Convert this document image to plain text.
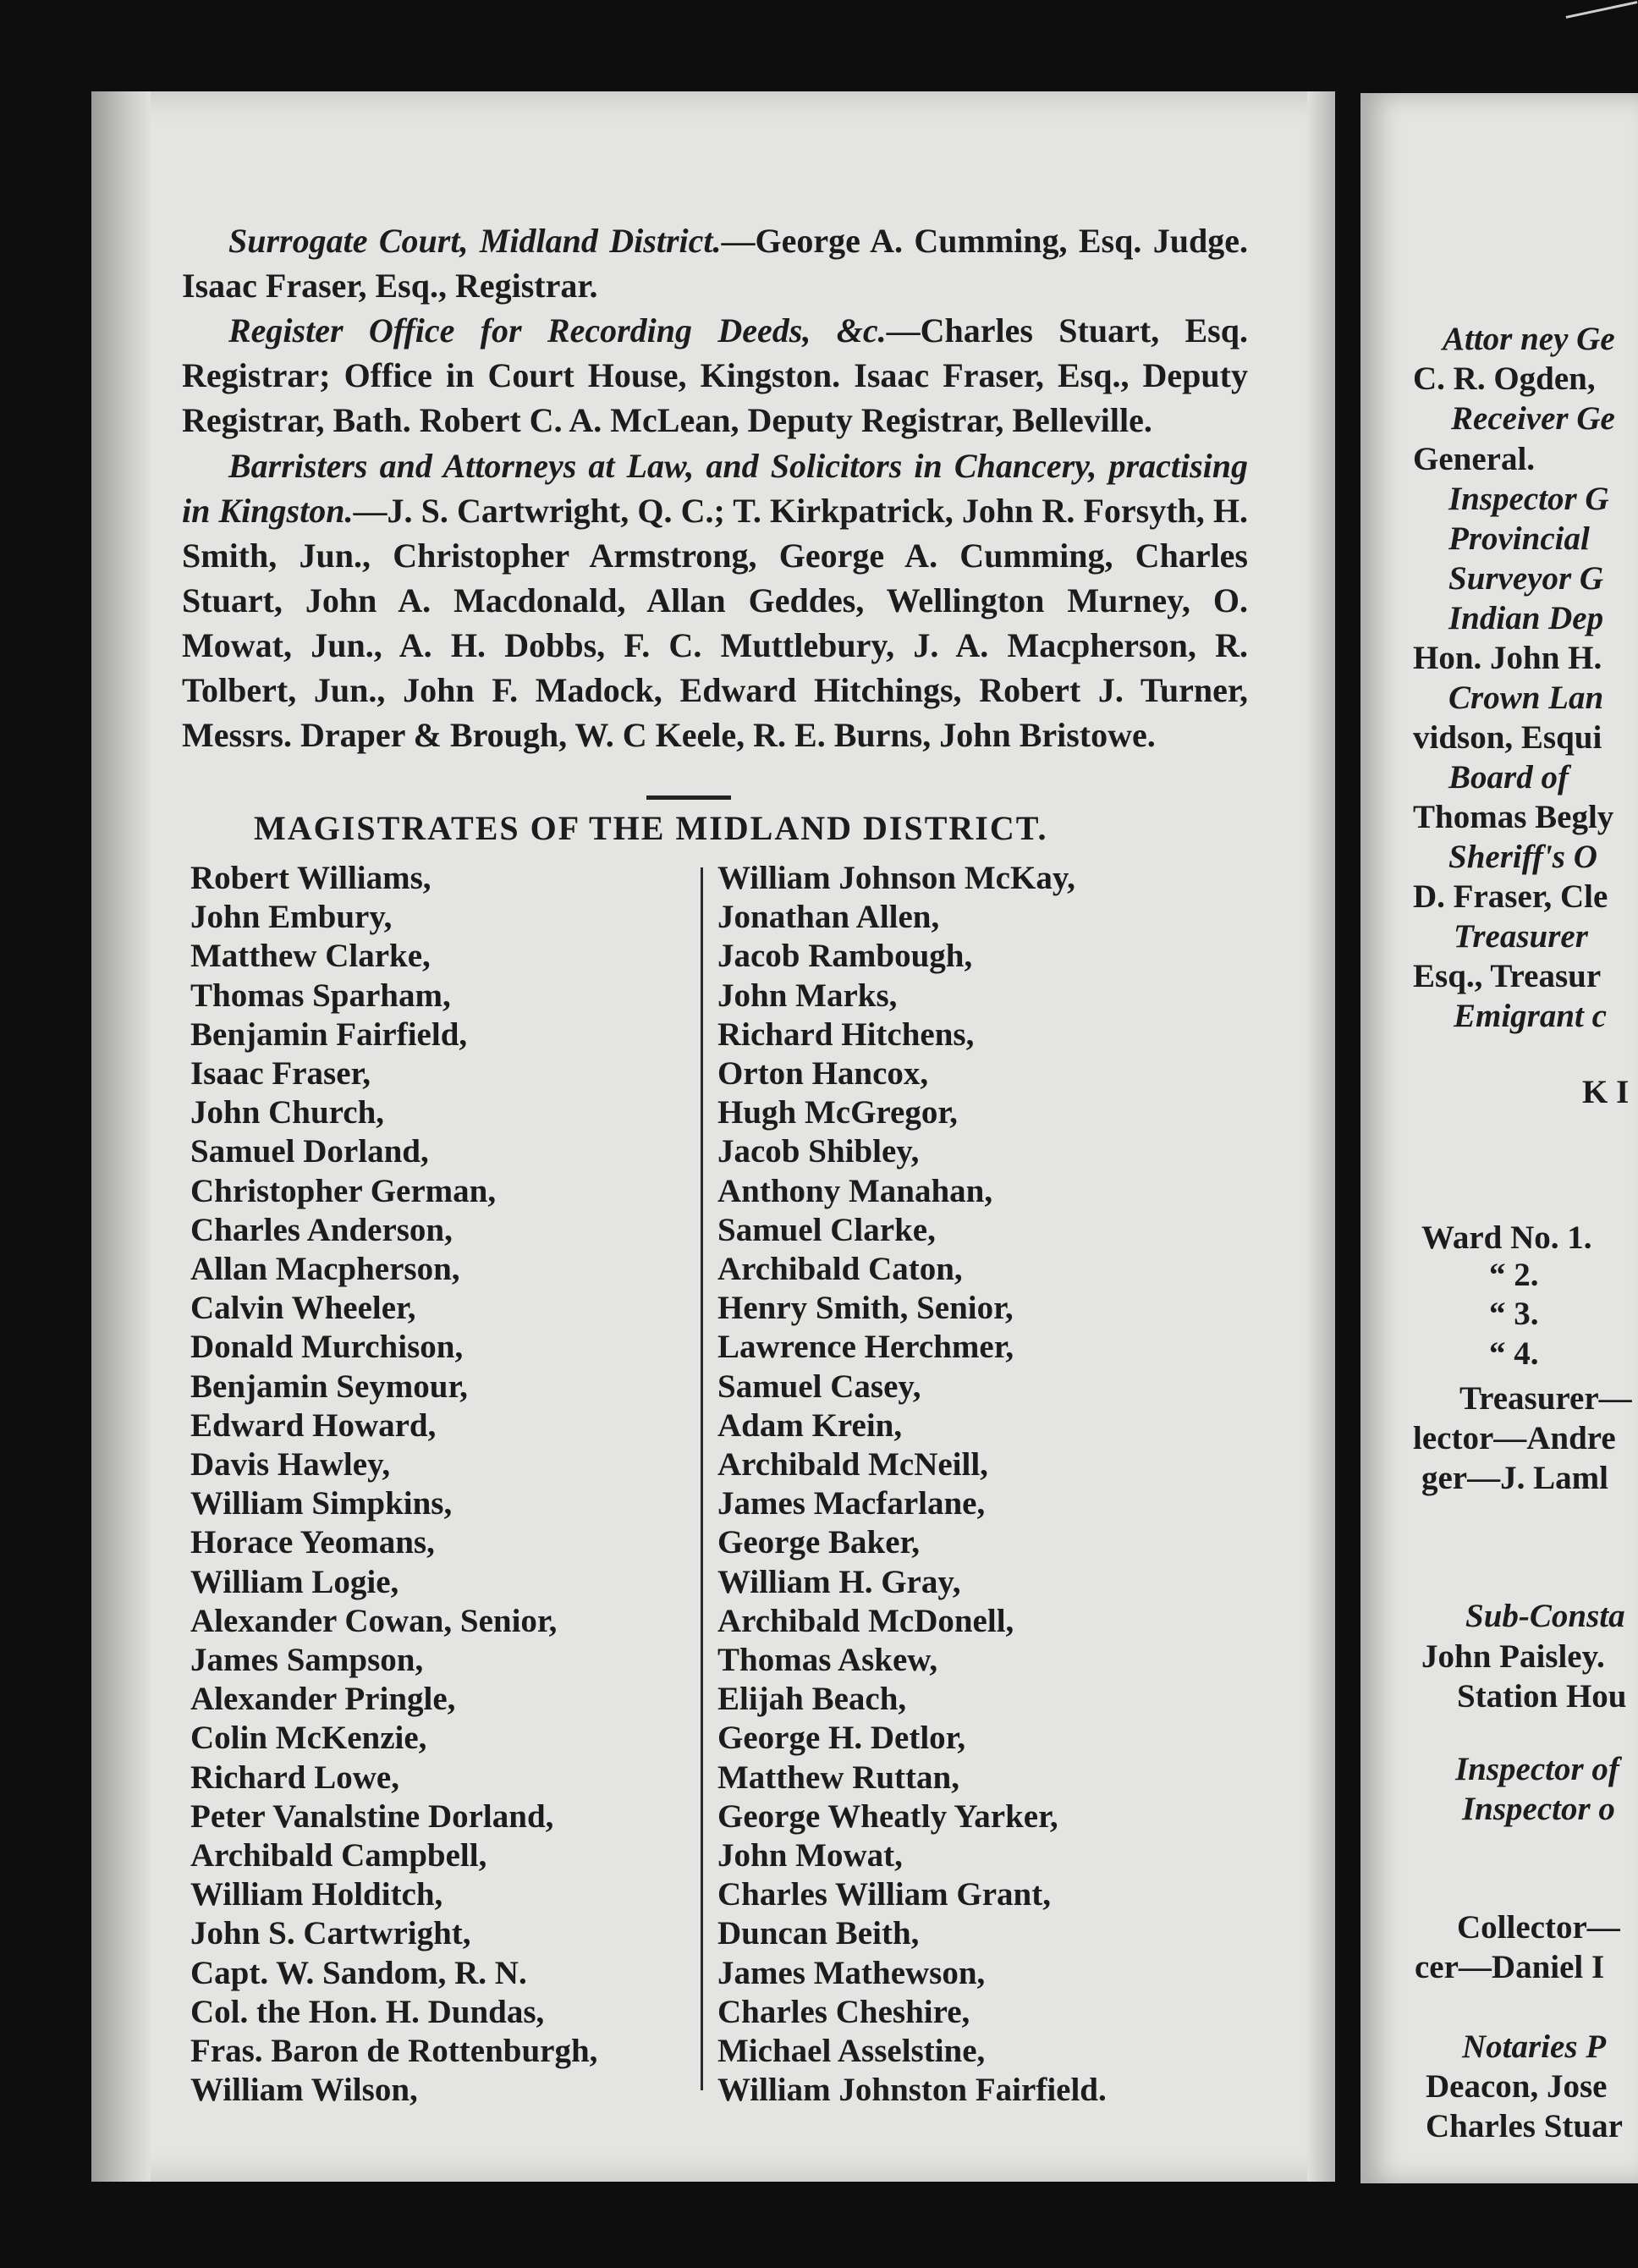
Surrogate Court, Midland District.—George A. Cumming, Esq. Judge. Isaac Fraser, Esq., Registrar.

Register Office for Recording Deeds, &c.—Charles Stuart, Esq. Registrar; Office in Court House, Kingston. Isaac Fraser, Esq., Deputy Registrar, Bath. Robert C. A. McLean, Deputy Registrar, Belleville.

Barristers and Attorneys at Law, and Solicitors in Chancery, practising in Kingston.—J. S. Cartwright, Q. C.; T. Kirkpatrick, John R. Forsyth, H. Smith, Jun., Christopher Armstrong, George A. Cumming, Charles Stuart, John A. Macdonald, Allan Geddes, Wellington Murney, O. Mowat, Jun., A. H. Dobbs, F. C. Muttlebury, J. A. Macpherson, R. Tolbert, Jun., John F. Madock, Edward Hitchings, Robert J. Turner, Messrs. Draper & Brough, W. C Keele, R. E. Burns, John Bristowe.

MAGISTRATES OF THE MIDLAND DISTRICT.
Robert Williams,
John Embury,
Matthew Clarke,
Thomas Sparham,
Benjamin Fairfield,
Isaac Fraser,
John Church,
Samuel Dorland,
Christopher German,
Charles Anderson,
Allan Macpherson,
Calvin Wheeler,
Donald Murchison,
Benjamin Seymour,
Edward Howard,
Davis Hawley,
William Simpkins,
Horace Yeomans,
William Logie,
Alexander Cowan, Senior,
James Sampson,
Alexander Pringle,
Colin McKenzie,
Richard Lowe,
Peter Vanalstine Dorland,
Archibald Campbell,
William Holditch,
John S. Cartwright,
Capt. W. Sandom, R. N.
Col. the Hon. H. Dundas,
Fras. Baron de Rottenburgh,
William Wilson,
William Johnson McKay,
Jonathan Allen,
Jacob Rambough,
John Marks,
Richard Hitchens,
Orton Hancox,
Hugh McGregor,
Jacob Shibley,
Anthony Manahan,
Samuel Clarke,
Archibald Caton,
Henry Smith, Senior,
Lawrence Herchmer,
Samuel Casey,
Adam Krein,
Archibald McNeill,
James Macfarlane,
George Baker,
William H. Gray,
Archibald McDonell,
Thomas Askew,
Elijah Beach,
George H. Detlor,
Matthew Ruttan,
George Wheatly Yarker,
John Mowat,
Charles William Grant,
Duncan Beith,
James Mathewson,
Charles Cheshire,
Michael Asselstine,
William Johnston Fairfield.
Attor ney Ge
C. R. Ogden,
Receiver Ge
General.
Inspector G
Provincial
Surveyor G
Indian Dep
Hon. John H.
Crown Lan
vidson, Esqui
Board of
Thomas Begly
Sheriff's O
D. Fraser, Cle
Treasurer
Esq., Treasur
Emigrant c
K I
Ward No. 1.
“ 2.
“ 3.
“ 4.
Treasurer—
lector—Andre
ger—J. Laml
Sub-Consta
John Paisley.
Station Hou
Inspector of
Inspector o
Collector—
cer—Daniel I
Notaries P
Deacon, Jose
Charles Stuar
